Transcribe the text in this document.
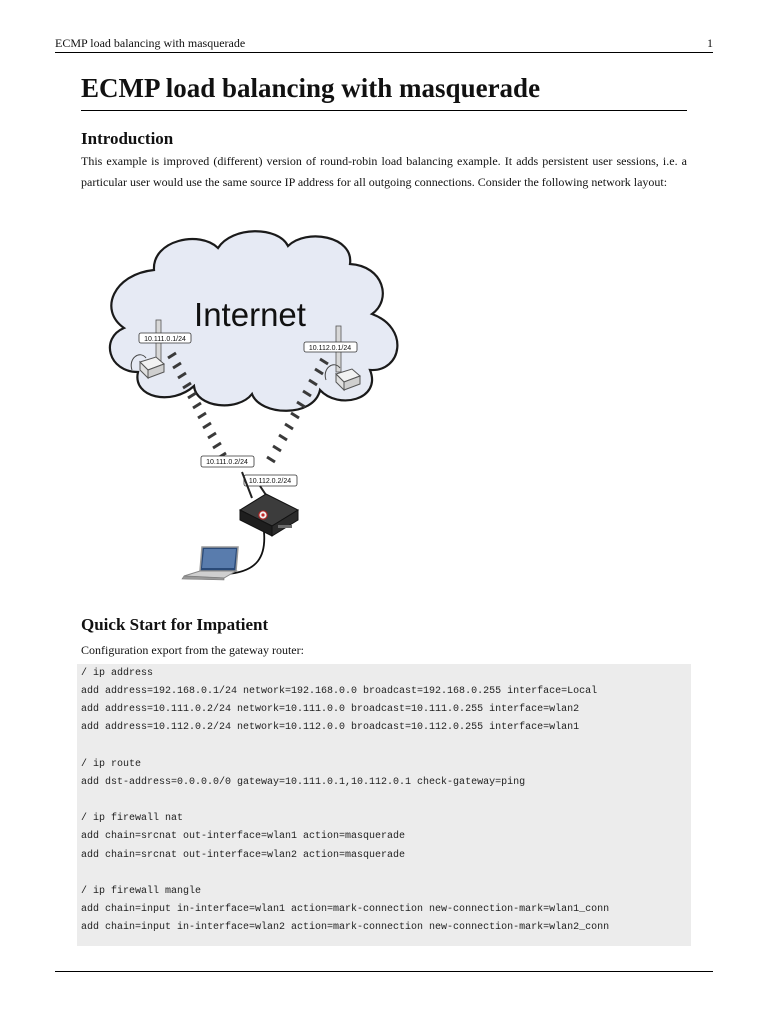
ECMP load balancing with masquerade	1
ECMP load balancing with masquerade
Introduction

This example is improved (different) version of round-robin load balancing example. It adds persistent user sessions, i.e. a particular user would use the same source IP address for all outgoing connections. Consider the following network layout:

Internet
10.111.0.1/24
10.112.0.1/24
10.111.0.2/24
10.112.0.2/24
Quick Start for Impatient

Configuration export from the gateway router:

/ ip address
add address=192.168.0.1/24 network=192.168.0.0 broadcast=192.168.0.255 interface=Local
add address=10.111.0.2/24 network=10.111.0.0 broadcast=10.111.0.255 interface=wlan2
add address=10.112.0.2/24 network=10.112.0.0 broadcast=10.112.0.255 interface=wlan1
/ ip route
add dst-address=0.0.0.0/0 gateway=10.111.0.1,10.112.0.1 check-gateway=ping
/ ip firewall nat
add chain=srcnat out-interface=wlan1 action=masquerade
add chain=srcnat out-interface=wlan2 action=masquerade
/ ip firewall mangle
add chain=input in-interface=wlan1 action=mark-connection new-connection-mark=wlan1_conn
add chain=input in-interface=wlan2 action=mark-connection new-connection-mark=wlan2_conn
